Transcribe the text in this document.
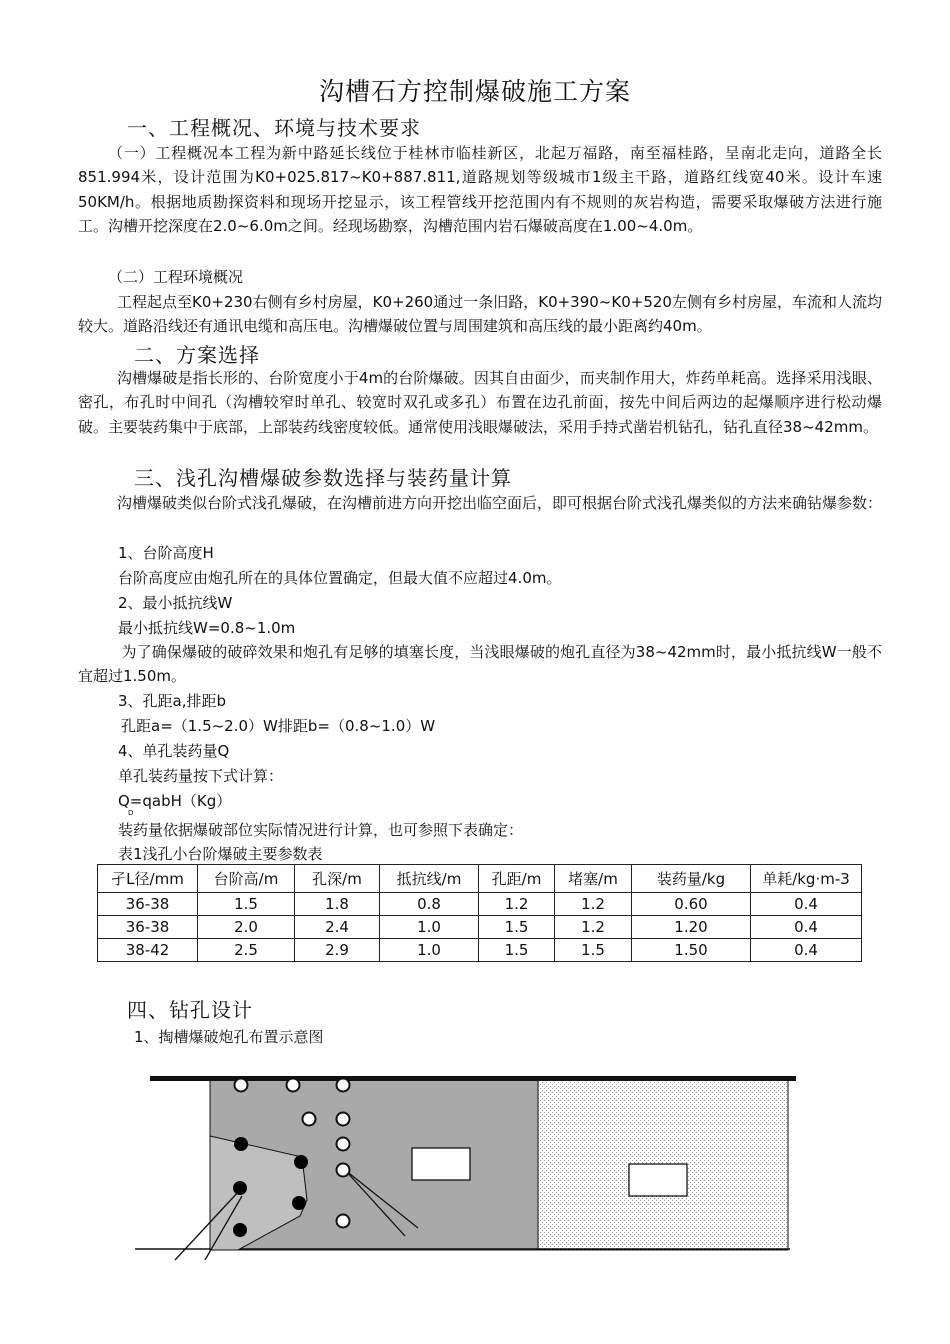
沟槽石方控制爆破施工方案
一、工程概况、环境与技术要求
（一）工程概况本工程为新中路延长线位于桂林市临桂新区，北起万福路，南至福桂路，呈南北走向，道路全长851.994米，设计范围为K0+025.817~K0+887.811,道路规划等级城市1级主干路，道路红线宽40米。设计车速50KM/h。根据地质勘探资料和现场开挖显示，该工程管线开挖范围内有不规则的灰岩构造，需要采取爆破方法进行施工。沟槽开挖深度在2.0~6.0m之间。经现场勘察，沟槽范围内岩石爆破高度在1.00~4.0m。
（二）工程环境概况
工程起点至K0+230右侧有乡村房屋，K0+260通过一条旧路，K0+390~K0+520左侧有乡村房屋，车流和人流均较大。道路沿线还有通讯电缆和高压电。沟槽爆破位置与周围建筑和高压线的最小距离约40m。
二、方案选择
沟槽爆破是指长形的、台阶宽度小于4m的台阶爆破。因其自由面少，而夹制作用大，炸药单耗高。选择采用浅眼、密孔，布孔时中间孔（沟槽较窄时单孔、较宽时双孔或多孔）布置在边孔前面，按先中间后两边的起爆顺序进行松动爆破。主要装药集中于底部，上部装药线密度较低。通常使用浅眼爆破法，采用手持式凿岩机钻孔，钻孔直径38~42mm。
三、浅孔沟槽爆破参数选择与装药量计算
沟槽爆破类似台阶式浅孔爆破，在沟槽前进方向开挖出临空面后，即可根据台阶式浅孔爆类似的方法来确钻爆参数：
1、台阶高度H
台阶高度应由炮孔所在的具体位置确定，但最大值不应超过4.0m。
2、最小抵抗线W
最小抵抗线W=0.8~1.0m
为了确保爆破的破碎效果和炮孔有足够的填塞长度，当浅眼爆破的炮孔直径为38~42mm时，最小抵抗线W一般不宜超过1.50m。
3、孔距a,排距b
孔距a=（1.5~2.0）W排距b=（0.8~1.0）W
4、单孔装药量Q
单孔装药量按下式计算：
Q=qabH（Kg）
D
装药量依据爆破部位实际情况进行计算，也可参照下表确定：
表1浅孔小台阶爆破主要参数表
孑L径/mm	台阶高/m	孔深/m	抵抗线/m	孔距/m	堵塞/m	装药量/kg	单耗/kg·m-3
36-38	1.5	1.8	0.8	1.2	1.2	0.60	0.4
36-38	2.0	2.4	1.0	1.5	1.2	1.20	0.4
38-42	2.5	2.9	1.0	1.5	1.5	1.50	0.4
四、钻孔设计
1、掏槽爆破炮孔布置示意图
